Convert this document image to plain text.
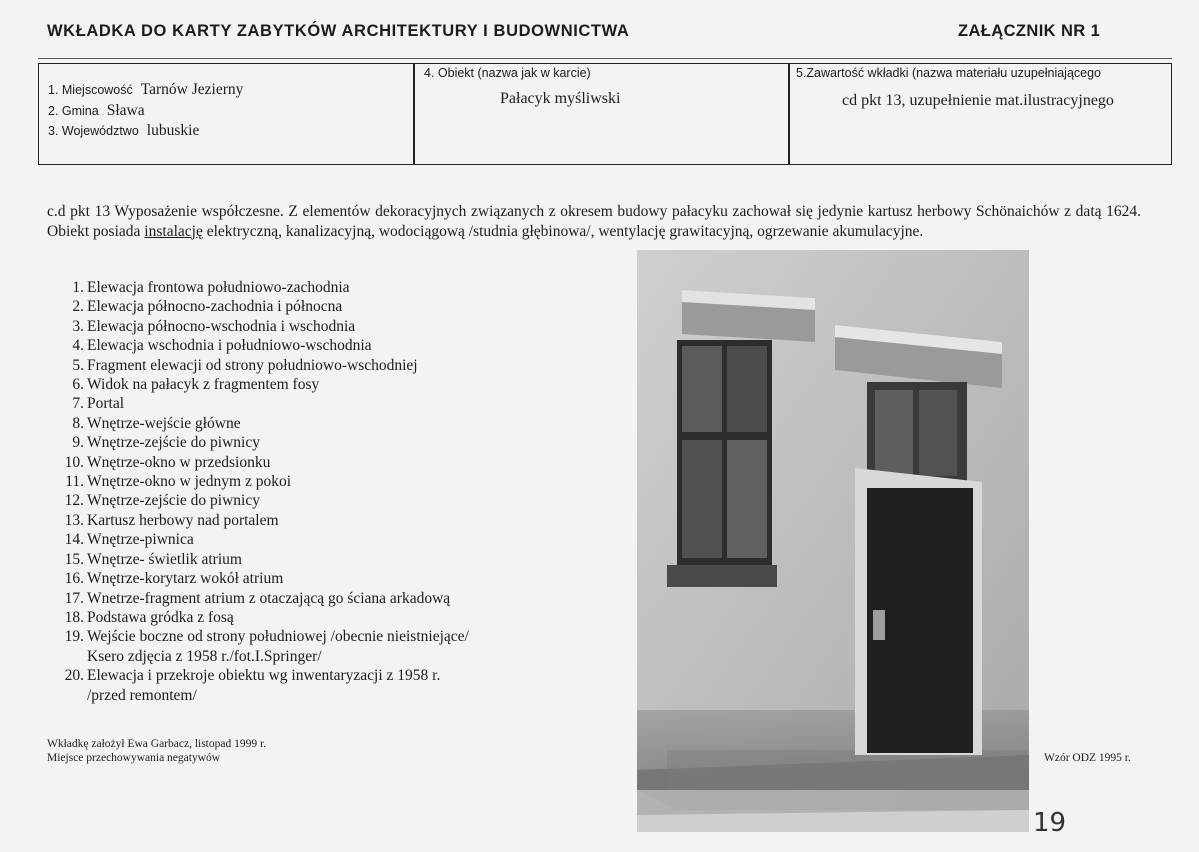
WKŁADKA DO KARTY ZABYTKÓW ARCHITEKTURY I BUDOWNICTWA	ZAŁĄCZNIK NR 1
1. Miejscowość Tarnów Jezierny
2. Gmina Sława
3. Województwo lubuskie
4. Obiekt (nazwa jak w karcie)
Pałacyk myśliwski
5.Zawartość wkładki (nazwa materiału uzupełniającego
cd pkt 13, uzupełnienie mat.ilustracyjnego
c.d pkt 13 Wyposażenie współczesne. Z elementów dekoracyjnych związanych z okresem budowy pałacyku zachował się jedynie kartusz herbowy Schönaichów z datą 1624. Obiekt posiada instalację elektryczną, kanalizacyjną, wodociągową /studnia głębinowa/, wentylację grawitacyjną, ogrzewanie akumulacyjne.
1. Elewacja frontowa południowo-zachodnia
2. Elewacja północno-zachodnia i północna
3. Elewacja północno-wschodnia i wschodnia
4. Elewacja wschodnia i południowo-wschodnia
5. Fragment elewacji od strony południowo-wschodniej
6. Widok na pałacyk z fragmentem fosy
7. Portal
8. Wnętrze-wejście główne
9. Wnętrze-zejście do piwnicy
10. Wnętrze-okno w przedsionku
11. Wnętrze-okno w jednym z pokoi
12. Wnętrze-zejście do piwnicy
13. Kartusz herbowy nad portalem
14. Wnętrze-piwnica
15. Wnętrze- świetlik atrium
16. Wnętrze-korytarz wokół atrium
17. Wnetrze-fragment atrium z otaczającą go ściana arkadową
18. Podstawa gródka z fosą
19. Wejście boczne od strony południowej /obecnie nieistniejące/
Ksero zdjęcia z 1958 r./fot.I.Springer/
20. Elewacja i przekroje obiektu wg inwentaryzacji z 1958 r.
/przed remontem/
Wkładkę założył Ewa Garbacz, listopad 1999 r.
Miejsce przechowywania negatywów	Wzór ODZ 1995 r.
19
